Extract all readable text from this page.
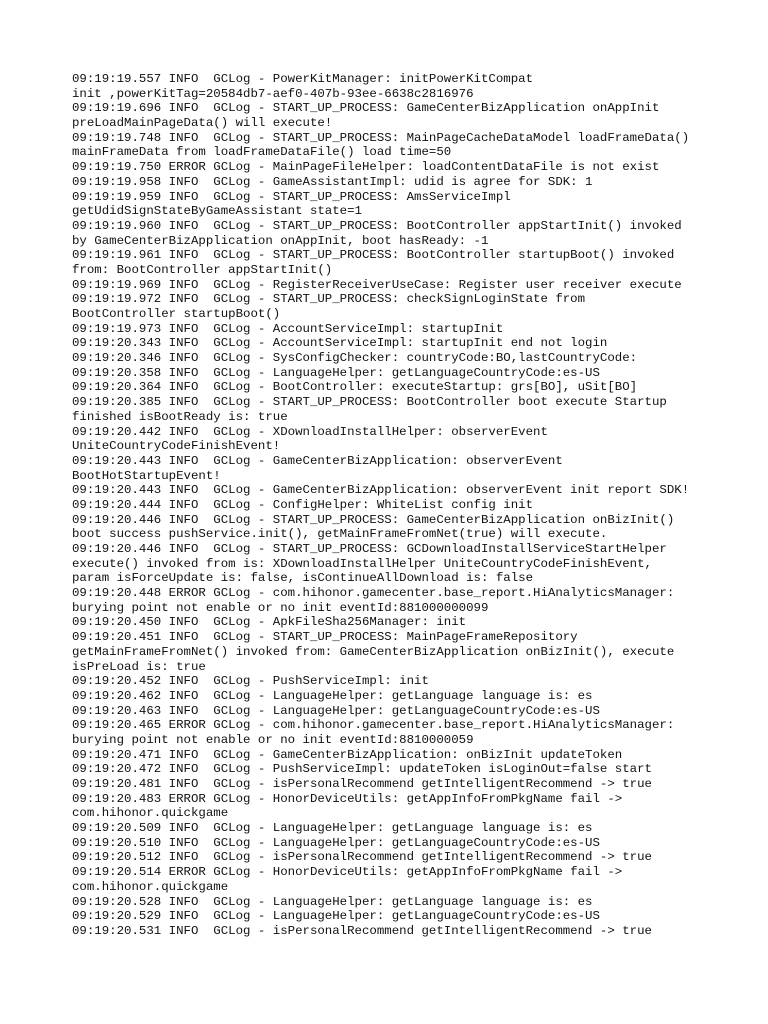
09:19:19.557 INFO  GCLog - PowerKitManager: initPowerKitCompat
init ,powerKitTag=20584db7-aef0-407b-93ee-6638c2816976
09:19:19.696 INFO  GCLog - START_UP_PROCESS: GameCenterBizApplication onAppInit
preLoadMainPageData() will execute!
09:19:19.748 INFO  GCLog - START_UP_PROCESS: MainPageCacheDataModel loadFrameData()
mainFrameData from loadFrameDataFile() load time=50
09:19:19.750 ERROR GCLog - MainPageFileHelper: loadContentDataFile is not exist
09:19:19.958 INFO  GCLog - GameAssistantImpl: udid is agree for SDK: 1
09:19:19.959 INFO  GCLog - START_UP_PROCESS: AmsServiceImpl
getUdidSignStateByGameAssistant state=1
09:19:19.960 INFO  GCLog - START_UP_PROCESS: BootController appStartInit() invoked
by GameCenterBizApplication onAppInit, boot hasReady: -1
09:19:19.961 INFO  GCLog - START_UP_PROCESS: BootController startupBoot() invoked
from: BootController appStartInit()
09:19:19.969 INFO  GCLog - RegisterReceiverUseCase: Register user receiver execute
09:19:19.972 INFO  GCLog - START_UP_PROCESS: checkSignLoginState from
BootController startupBoot()
09:19:19.973 INFO  GCLog - AccountServiceImpl: startupInit
09:19:20.343 INFO  GCLog - AccountServiceImpl: startupInit end not login
09:19:20.346 INFO  GCLog - SysConfigChecker: countryCode:BO,lastCountryCode:
09:19:20.358 INFO  GCLog - LanguageHelper: getLanguageCountryCode:es-US
09:19:20.364 INFO  GCLog - BootController: executeStartup: grs[BO], uSit[BO]
09:19:20.385 INFO  GCLog - START_UP_PROCESS: BootController boot execute Startup
finished isBootReady is: true
09:19:20.442 INFO  GCLog - XDownloadInstallHelper: observerEvent
UniteCountryCodeFinishEvent!
09:19:20.443 INFO  GCLog - GameCenterBizApplication: observerEvent
BootHotStartupEvent!
09:19:20.443 INFO  GCLog - GameCenterBizApplication: observerEvent init report SDK!
09:19:20.444 INFO  GCLog - ConfigHelper: WhiteList config init
09:19:20.446 INFO  GCLog - START_UP_PROCESS: GameCenterBizApplication onBizInit()
boot success pushService.init(), getMainFrameFromNet(true) will execute.
09:19:20.446 INFO  GCLog - START_UP_PROCESS: GCDownloadInstallServiceStartHelper
execute() invoked from is: XDownloadInstallHelper UniteCountryCodeFinishEvent,
param isForceUpdate is: false, isContinueAllDownload is: false
09:19:20.448 ERROR GCLog - com.hihonor.gamecenter.base_report.HiAnalyticsManager:
burying point not enable or no init eventId:881000000099
09:19:20.450 INFO  GCLog - ApkFileSha256Manager: init
09:19:20.451 INFO  GCLog - START_UP_PROCESS: MainPageFrameRepository
getMainFrameFromNet() invoked from: GameCenterBizApplication onBizInit(), execute
isPreLoad is: true
09:19:20.452 INFO  GCLog - PushServiceImpl: init
09:19:20.462 INFO  GCLog - LanguageHelper: getLanguage language is: es
09:19:20.463 INFO  GCLog - LanguageHelper: getLanguageCountryCode:es-US
09:19:20.465 ERROR GCLog - com.hihonor.gamecenter.base_report.HiAnalyticsManager:
burying point not enable or no init eventId:8810000059
09:19:20.471 INFO  GCLog - GameCenterBizApplication: onBizInit updateToken
09:19:20.472 INFO  GCLog - PushServiceImpl: updateToken isLoginOut=false start
09:19:20.481 INFO  GCLog - isPersonalRecommend getIntelligentRecommend -> true
09:19:20.483 ERROR GCLog - HonorDeviceUtils: getAppInfoFromPkgName fail ->
com.hihonor.quickgame
09:19:20.509 INFO  GCLog - LanguageHelper: getLanguage language is: es
09:19:20.510 INFO  GCLog - LanguageHelper: getLanguageCountryCode:es-US
09:19:20.512 INFO  GCLog - isPersonalRecommend getIntelligentRecommend -> true
09:19:20.514 ERROR GCLog - HonorDeviceUtils: getAppInfoFromPkgName fail ->
com.hihonor.quickgame
09:19:20.528 INFO  GCLog - LanguageHelper: getLanguage language is: es
09:19:20.529 INFO  GCLog - LanguageHelper: getLanguageCountryCode:es-US
09:19:20.531 INFO  GCLog - isPersonalRecommend getIntelligentRecommend -> true
